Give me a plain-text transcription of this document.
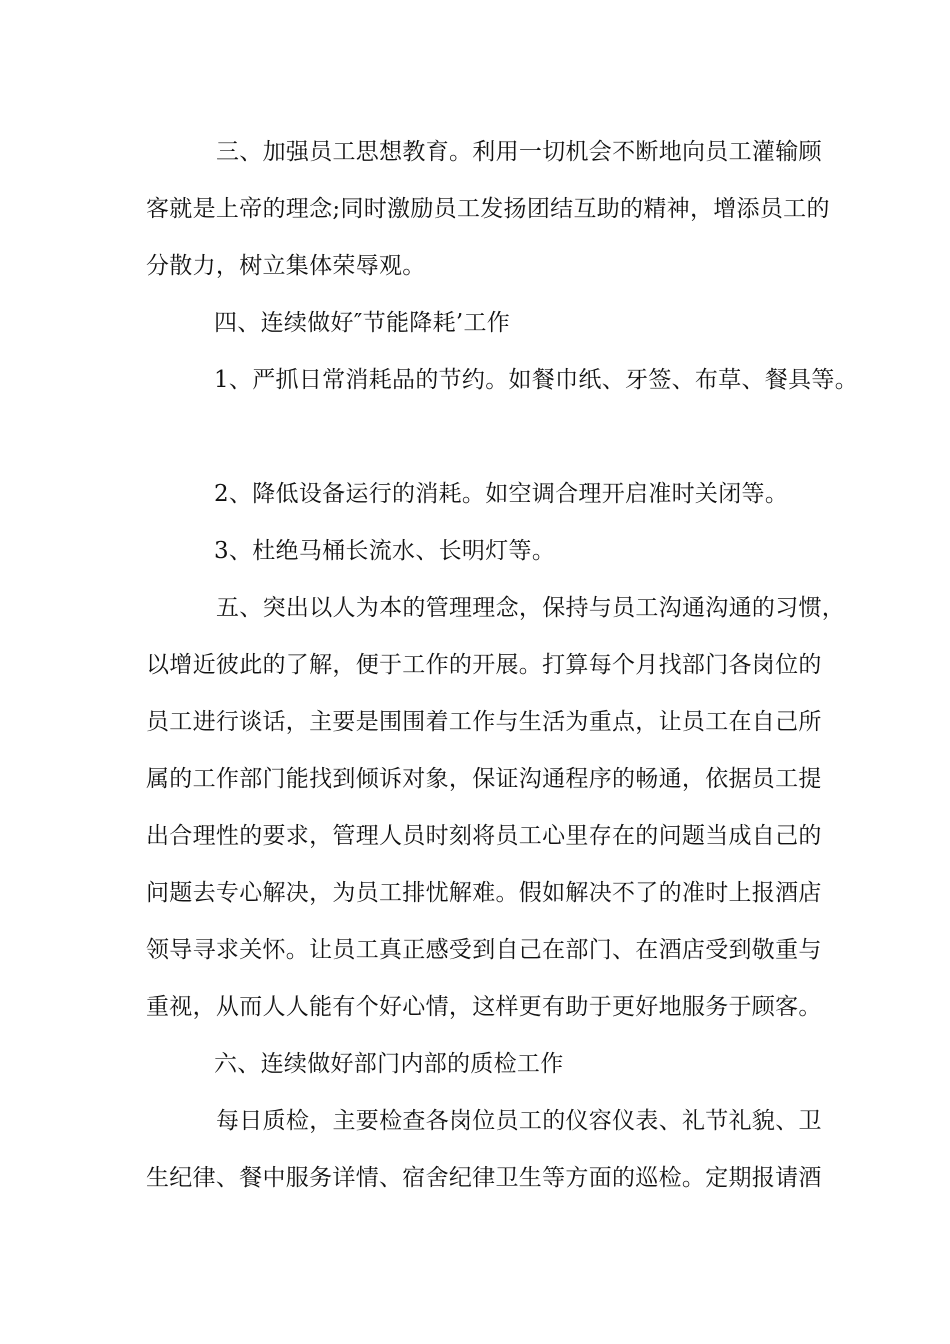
三、加强员工思想教育。利用一切机会不断地向员工灌输顾
客就是上帝的理念;同时激励员工发扬团结互助的精神，增添员工的
分散力，树立集体荣辱观。
四、连续做好″节能降耗’工作
1、严抓日常消耗品的节约。如餐巾纸、牙签、布草、餐具等。
2、降低设备运行的消耗。如空调合理开启准时关闭等。
3、杜绝马桶长流水、长明灯等。
五、突出以人为本的管理理念，保持与员工沟通沟通的习惯，
以增近彼此的了解，便于工作的开展。打算每个月找部门各岗位的
员工进行谈话，主要是围围着工作与生活为重点，让员工在自己所
属的工作部门能找到倾诉对象，保证沟通程序的畅通，依据员工提
出合理性的要求，管理人员时刻将员工心里存在的问题当成自己的
问题去专心解决，为员工排忧解难。假如解决不了的准时上报酒店
领导寻求关怀。让员工真正感受到自己在部门、在酒店受到敬重与
重视，从而人人能有个好心情，这样更有助于更好地服务于顾客。
六、连续做好部门内部的质检工作
每日质检，主要检查各岗位员工的仪容仪表、礼节礼貌、卫
生纪律、餐中服务详情、宿舍纪律卫生等方面的巡检。定期报请酒
